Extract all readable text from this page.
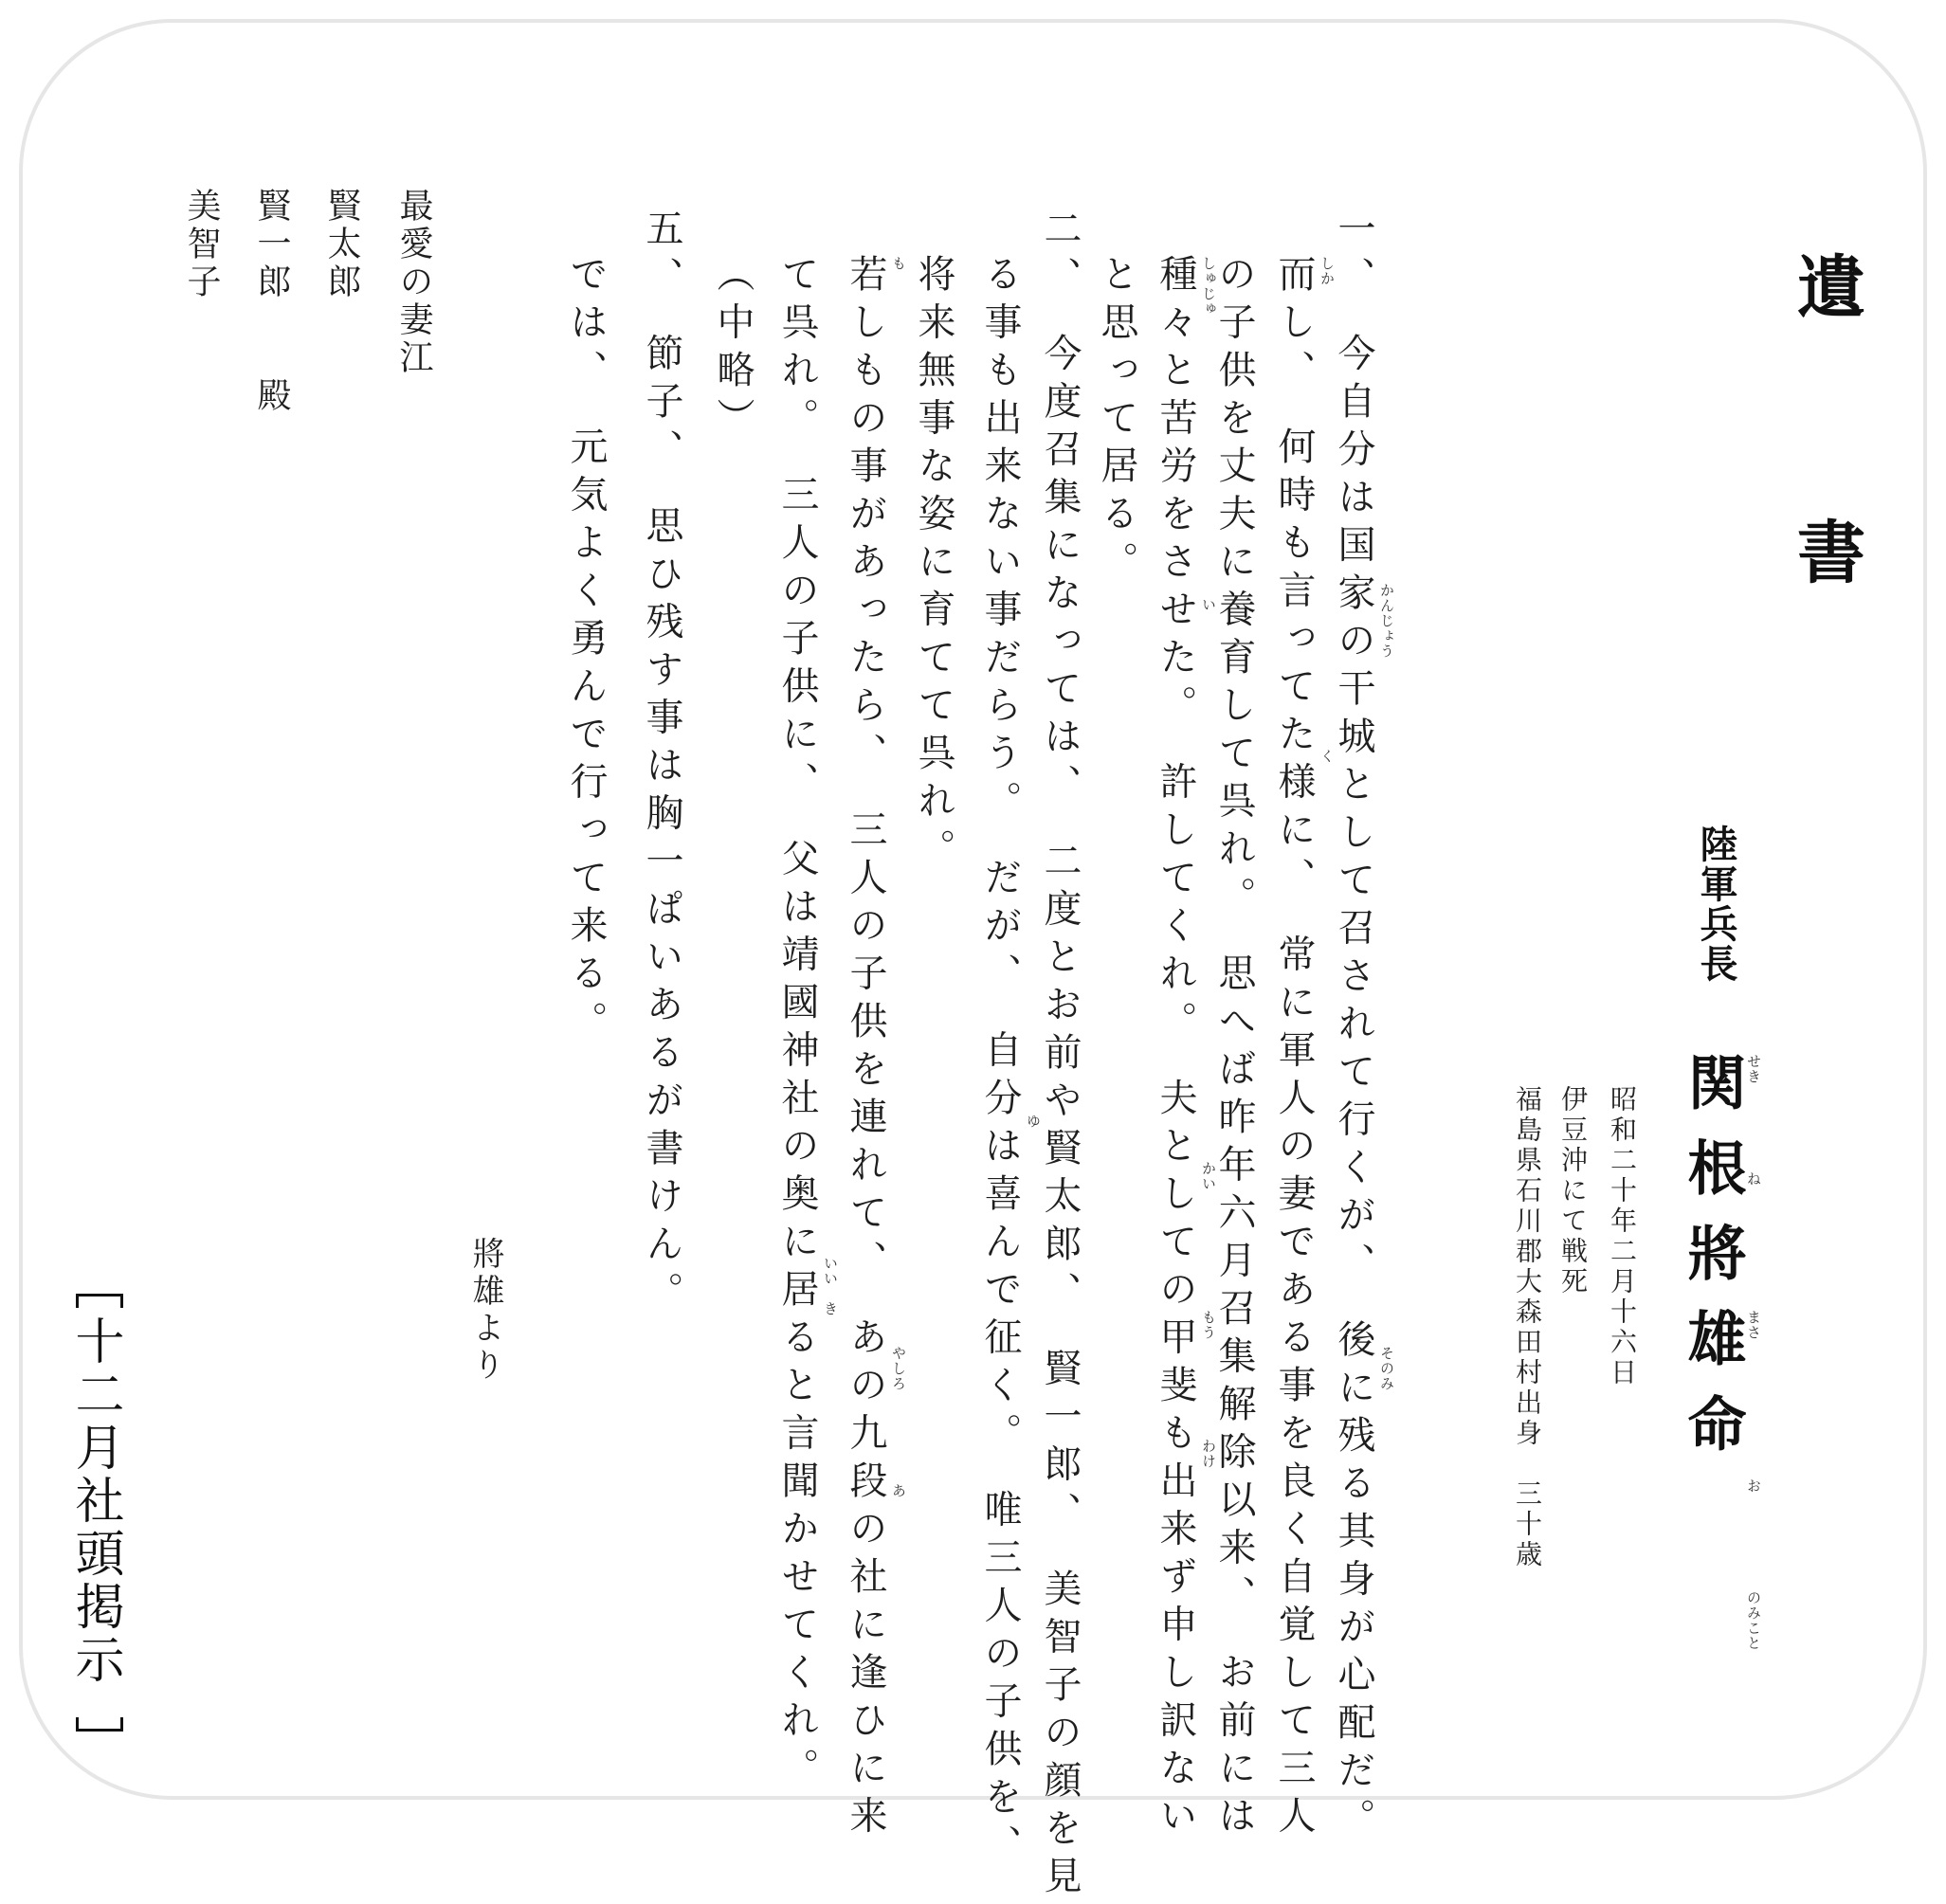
遺
書
陸軍兵長
関根將雄命
せき
ね
まさ
お
のみこと
昭和二十年二月十六日
伊豆沖にて戦死
福島県石川郡大森田村出身　三十歳
一、　今自分は国家の干城として召されて行くが、　後に残る其身が心配だ。
而し、　何時も言ってた様に、　常に軍人の妻である事を良く自覚して三人
の子供を丈夫に養育して呉れ。　思へば昨年六月召集解除以来、　お前には
種々と苦労をさせた。　許してくれ。　夫としての甲斐も出来ず申し訳ない
と思って居る。
二、　今度召集になっては、　二度とお前や賢太郎、　賢一郎、　美智子の顔を見
る事も出来ない事だらう。　だが、　自分は喜んで征く。　唯三人の子供を、
将来無事な姿に育てて呉れ。
若しもの事があったら、　三人の子供を連れて、　あの九段の社に逢ひに来
て呉れ。　三人の子供に、　父は靖國神社の奥に居ると言聞かせてくれ。
（中略）
五、　節子、　思ひ残す事は胸一ぱいあるが書けん。
では、　元気よく勇んで行って来る。	かんじょう
そのみ
しか
く
しゅじゅ
かい
もう
わけ
い
ゆ
も
やしろ
あ
いい　き
將雄より
最愛の妻江
賢太郎
賢一郎　　殿
美智子
十二月社頭掲示
